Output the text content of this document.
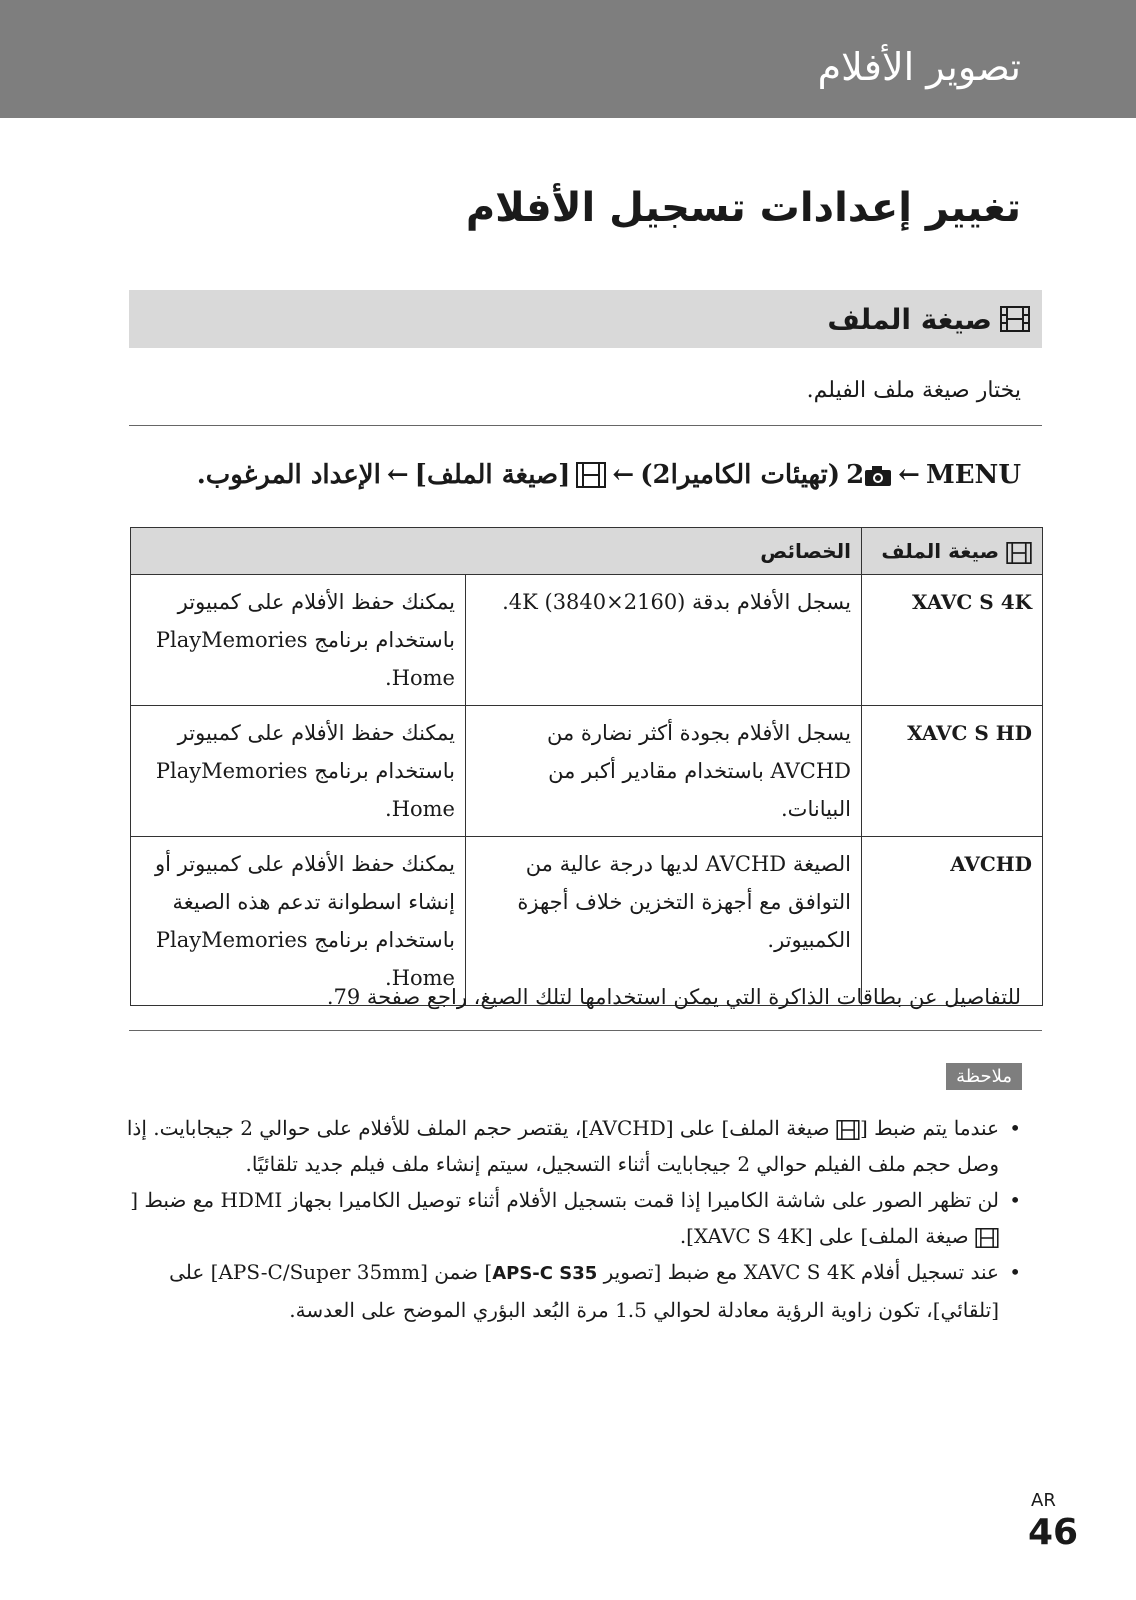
تصوير الأفلام
تغيير إعدادات تسجيل الأفلام
صيغة الملف
يختار صيغة ملف الفيلم.
MENU
←
2
(تهيئات الكاميرا2)
←
[صيغة الملف]
←
الإعداد المرغوب.
صيغة الملف	الخصائص	
XAVC S 4K	يسجل الأفلام بدقة 4K (3840×2160).	يمكنك حفظ الأفلام على كمبيوتر باستخدام برنامج PlayMemories Home.
XAVC S HD	يسجل الأفلام بجودة أكثر نضارة من AVCHD باستخدام مقادير أكبر من البيانات.	يمكنك حفظ الأفلام على كمبيوتر باستخدام برنامج PlayMemories Home.
AVCHD	الصيغة AVCHD لديها درجة عالية من التوافق مع أجهزة التخزين خلاف أجهزة الكمبيوتر.	يمكنك حفظ الأفلام على كمبيوتر أو إنشاء اسطوانة تدعم هذه الصيغة باستخدام برنامج PlayMemories Home.
للتفاصيل عن بطاقات الذاكرة التي يمكن استخدامها لتلك الصيغ، راجع صفحة 79.
ملاحظة
• عندما يتم ضبط [ صيغة الملف] على [AVCHD]، يقتصر حجم الملف للأفلام على حوالي 2 جيجابايت. إذا وصل حجم ملف الفيلم حوالي 2 جيجابايت أثناء التسجيل، سيتم إنشاء ملف فيلم جديد تلقائيًا.
• لن تظهر الصور على شاشة الكاميرا إذا قمت بتسجيل الأفلام أثناء توصيل الكاميرا بجهاز HDMI مع ضبط [ صيغة الملف] على [XAVC S 4K].
• عند تسجيل أفلام XAVC S 4K مع ضبط [تصوير APS-C S35] ضمن [APS-C/Super 35mm] على [تلقائي]، تكون زاوية الرؤية معادلة لحوالي 1.5 مرة البُعد البؤري الموضح على العدسة.
AR
46
